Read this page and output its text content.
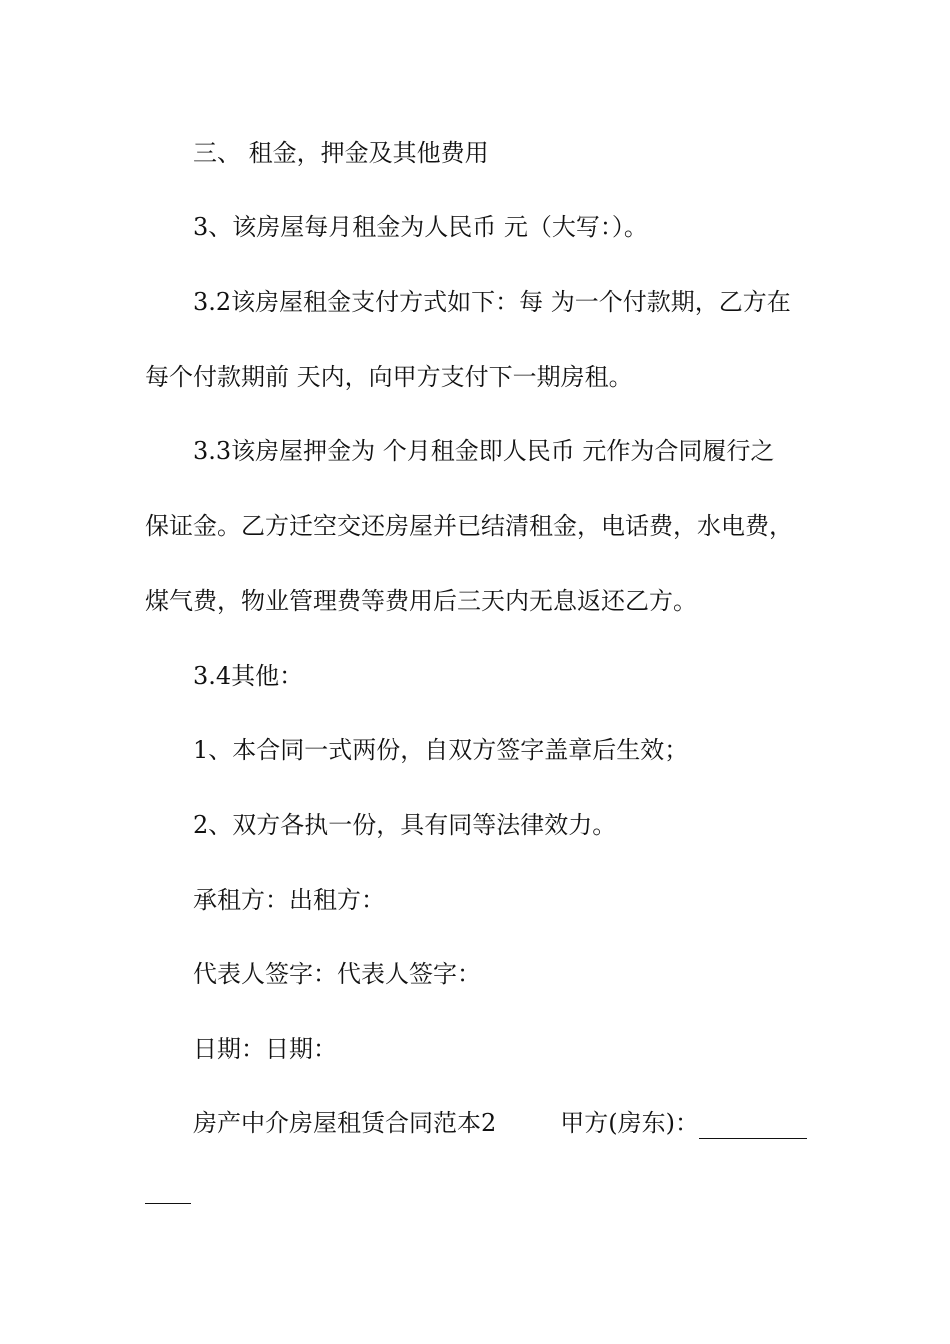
三、 租金，押金及其他费用
3、该房屋每月租金为人民币 元（大写：）。
3.2该房屋租金支付方式如下：每 为一个付款期，乙方在
每个付款期前 天内，向甲方支付下一期房租。
3.3该房屋押金为 个月租金即人民币 元作为合同履行之
保证金。乙方迁空交还房屋并已结清租金，电话费，水电费，
煤气费，物业管理费等费用后三天内无息返还乙方。
3.4其他：
1、本合同一式两份，自双方签字盖章后生效；
2、双方各执一份，具有同等法律效力。
承租方：出租方：
代表人签字：代表人签字：
日期：日期：
房产中介房屋租赁合同范本2	甲方(房东)：
